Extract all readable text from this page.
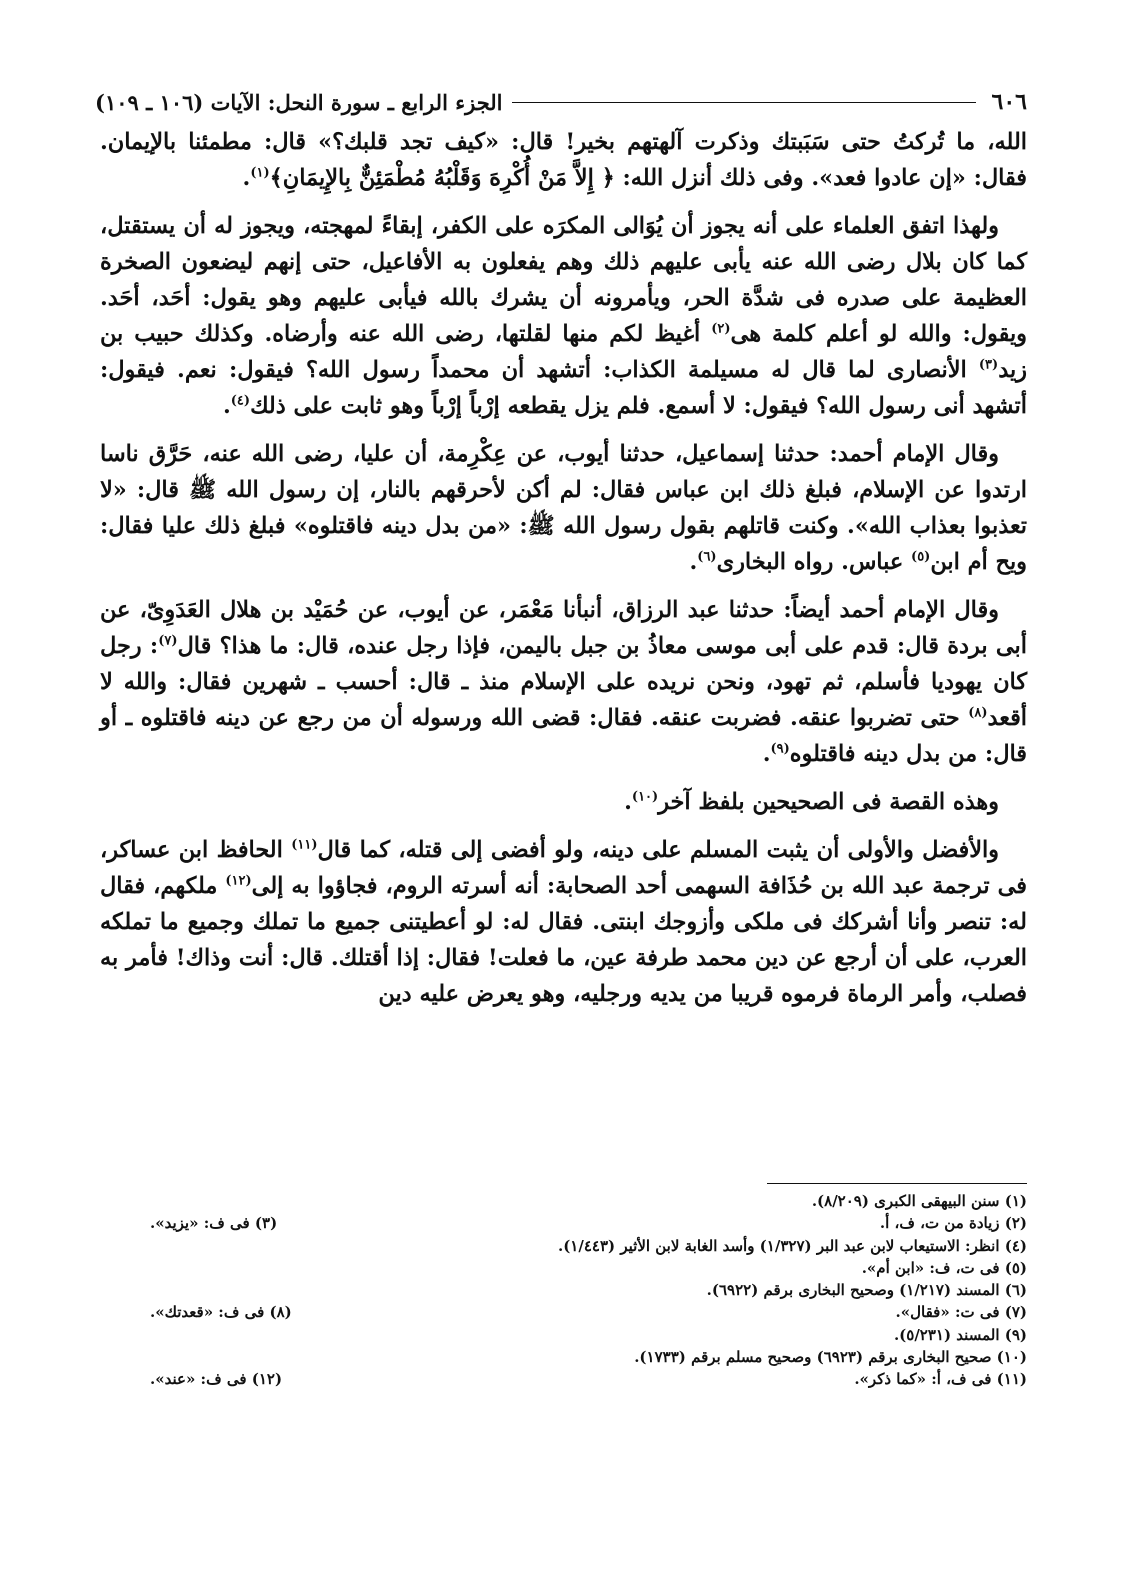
٦٠٦
الجزء الرابع ـ سورة النحل: الآيات (١٠٦ ـ ١٠٩)

الله، ما تُركتُ حتى سَبَبتك وذكرت آلهتهم بخير! قال: «كيف تجد قلبك؟» قال: مطمئنا بالإيمان. فقال: «إن عادوا فعد». وفى ذلك أنزل الله: ﴿ إِلاَّ مَنْ أُكْرِهَ وَقَلْبُهُ مُطْمَئِنٌّ بِالإِيمَانِ﴾$^{(١)}$.

ولهذا اتفق العلماء على أنه يجوز أن يُوَالى المكرَه على الكفر، إبقاءً لمهجته، ويجوز له أن يستقتل، كما كان بلال رضى الله عنه يأبى عليهم ذلك وهم يفعلون به الأفاعيل، حتى إنهم ليضعون الصخرة العظيمة على صدره فى شدَّة الحر، ويأمرونه أن يشرك بالله فيأبى عليهم وهو يقول: أحَد، أحَد. ويقول: والله لو أعلم كلمة هى$^{(٢)}$ أغيظ لكم منها لقلتها، رضى الله عنه وأرضاه. وكذلك حبيب بن زيد$^{(٣)}$ الأنصارى لما قال له مسيلمة الكذاب: أتشهد أن محمداً رسول الله؟ فيقول: نعم. فيقول: أتشهد أنى رسول الله؟ فيقول: لا أسمع. فلم يزل يقطعه إرْباً إرْباً وهو ثابت على ذلك$^{(٤)}$.

وقال الإمام أحمد: حدثنا إسماعيل، حدثنا أيوب، عن عِكْرِمة، أن عليا، رضى الله عنه، حَرَّق ناسا ارتدوا عن الإسلام، فبلغ ذلك ابن عباس فقال: لم أكن لأحرقهم بالنار، إن رسول الله ﷺ قال: «لا تعذبوا بعذاب الله». وكنت قاتلهم بقول رسول الله ﷺ: «من بدل دينه فاقتلوه» فبلغ ذلك عليا فقال: ويح أم ابن$^{(٥)}$ عباس. رواه البخارى$^{(٦)}$.

وقال الإمام أحمد أيضاً: حدثنا عبد الرزاق، أنبأنا مَعْمَر، عن أيوب، عن حُمَيْد بن هلال العَدَوِىّ، عن أبى بردة قال: قدم على أبى موسى معاذُ بن جبل باليمن، فإذا رجل عنده، قال: ما هذا؟ قال$^{(٧)}$: رجل كان يهوديا فأسلم، ثم تهود، ونحن نريده على الإسلام منذ ـ قال: أحسب ـ شهرين فقال: والله لا أقعد$^{(٨)}$ حتى تضربوا عنقه. فضربت عنقه. فقال: قضى الله ورسوله أن من رجع عن دينه فاقتلوه ـ أو قال: من بدل دينه فاقتلوه$^{(٩)}$.

وهذه القصة فى الصحيحين بلفظ آخر$^{(١٠)}$.

والأفضل والأولى أن يثبت المسلم على دينه، ولو أفضى إلى قتله، كما قال$^{(١١)}$ الحافظ ابن عساكر، فى ترجمة عبد الله بن حُذَافة السهمى أحد الصحابة: أنه أسرته الروم، فجاؤوا به إلى$^{(١٢)}$ ملكهم، فقال له: تنصر وأنا أشركك فى ملكى وأزوجك ابنتى. فقال له: لو أعطيتنى جميع ما تملك وجميع ما تملكه العرب، على أن أرجع عن دين محمد طرفة عين، ما فعلت! فقال: إذا أقتلك. قال: أنت وذاك! فأمر به فصلب، وأمر الرماة فرموه قريبا من يديه ورجليه، وهو يعرض عليه دين

(١) سنن البيهقى الكبرى (٨/٢٠٩).
(٢) زيادة من ت، ف، أ.
(٣) فى ف: «يزيد».
(٤) انظر: الاستيعاب لابن عبد البر (١/٣٢٧) وأسد الغابة لابن الأثير (١/٤٤٣).
(٥) فى ت، ف: «ابن أم».
(٦) المسند (١/٢١٧) وصحيح البخارى برقم (٦٩٢٢).
(٧) فى ت: «فقال».
(٨) فى ف: «قعدتك».
(٩) المسند (٥/٢٣١).
(١٠) صحيح البخارى برقم (٦٩٢٣) وصحيح مسلم برقم (١٧٣٣).
(١١) فى ف، أ: «كما ذكر».
(١٢) فى ف: «عند».
